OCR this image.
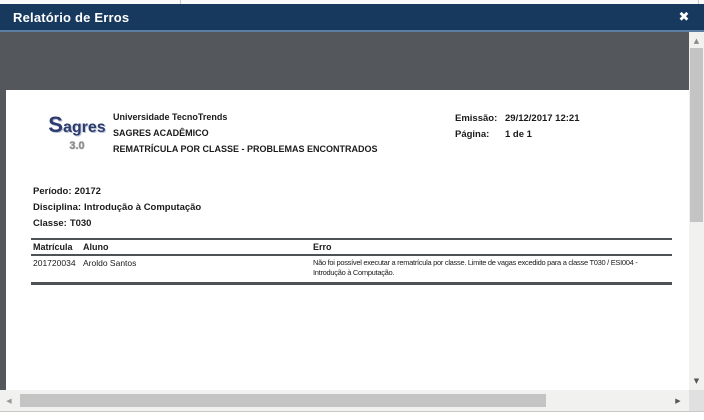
Relatório de Erros	✖
Sagres
3.0
Universidade TecnoTrends
SAGRES ACADÊMICO
REMATRÍCULA POR CLASSE - PROBLEMAS ENCONTRADOS
Emissão: 29/12/2017 12:21
Página:	1 de 1
Período: 20172
Disciplina: Introdução à Computação
Classe: T030
Matrícula	Aluno	Erro
201720034 Aroldo Santos	Não foi possível executar a rematrícula por classe. Limite de vagas excedido para a classe T030 / ESI004 - Introdução à Computação.
▲
▼
◀	▶
